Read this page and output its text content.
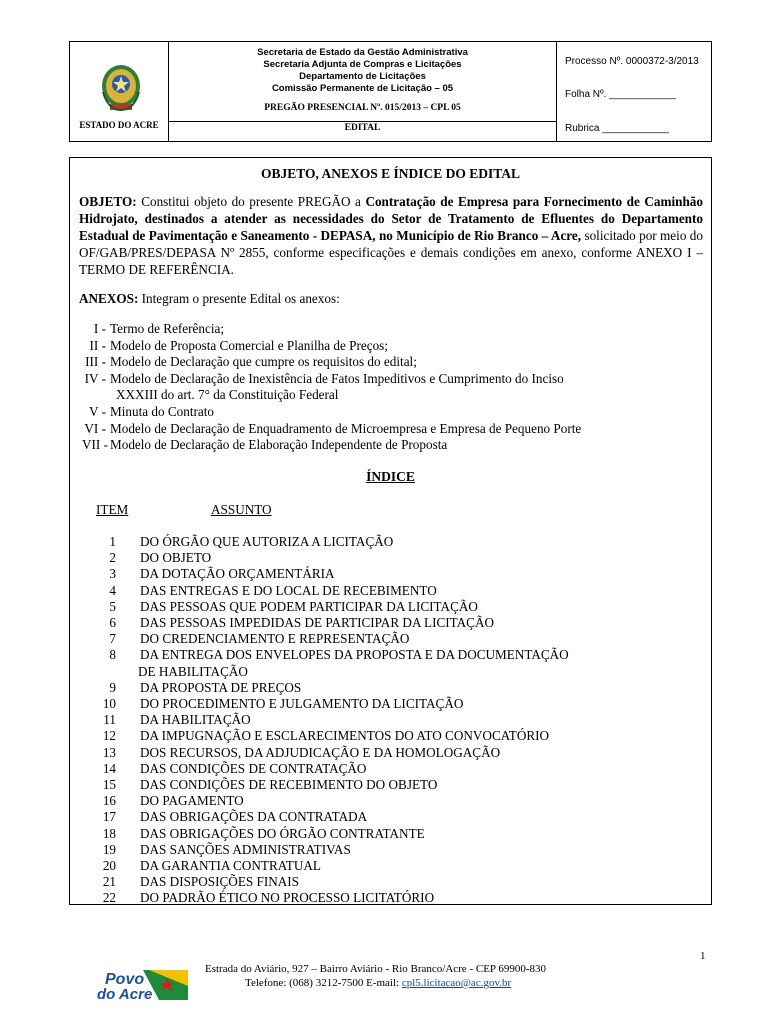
ESTADO DO ACRE
Secretaria de Estado da Gestão Administrativa
Secretaria Adjunta de Compras e Licitações
Departamento de Licitações
Comissão Permanente de Licitação – 05
PREGÃO PRESENCIAL Nº. 015/2013 – CPL 05
EDITAL
Processo Nº. 0000372-3/2013
Folha Nº. ____________
Rubrica ____________
OBJETO, ANEXOS E ÍNDICE DO EDITAL
OBJETO: Constitui objeto do presente PREGÃO a Contratação de Empresa para Fornecimento de Caminhão Hidrojato, destinados a atender as necessidades do Setor de Tratamento de Efluentes do Departamento Estadual de Pavimentação e Saneamento - DEPASA, no Município de Rio Branco – Acre, solicitado por meio do OF/GAB/PRES/DEPASA Nº 2855, conforme especificações e demais condições em anexo, conforme ANEXO I – TERMO DE REFERÊNCIA.
ANEXOS: Integram o presente Edital os anexos:
I - Termo de Referência;
II - Modelo de Proposta Comercial e Planilha de Preços;
III - Modelo de Declaração que cumpre os requisitos do edital;
IV - Modelo de Declaração de Inexistência de Fatos Impeditivos e Cumprimento do Inciso
XXXIII do art. 7° da Constituição Federal
V - Minuta do Contrato
VI - Modelo de Declaração de Enquadramento de Microempresa e Empresa de Pequeno Porte
VII - Modelo de Declaração de Elaboração Independente de Proposta
ÍNDICE
ITEM	ASSUNTO
1 DO ÓRGÃO QUE AUTORIZA A LICITAÇÃO
2 DO OBJETO
3 DA DOTAÇÃO ORÇAMENTÁRIA
4 DAS ENTREGAS E DO LOCAL DE RECEBIMENTO
5 DAS PESSOAS QUE PODEM PARTICIPAR DA LICITAÇÃO
6 DAS PESSOAS IMPEDIDAS DE PARTICIPAR DA LICITAÇÃO
7 DO CREDENCIAMENTO E REPRESENTAÇÃO
8 DA ENTREGA DOS ENVELOPES DA PROPOSTA E DA DOCUMENTAÇÃO
DE HABILITAÇÃO
9 DA PROPOSTA DE PREÇOS
10 DO PROCEDIMENTO E JULGAMENTO DA LICITAÇÃO
11 DA HABILITAÇÃO
12 DA IMPUGNAÇÃO E ESCLARECIMENTOS DO ATO CONVOCATÓRIO
13 DOS RECURSOS, DA ADJUDICAÇÃO E DA HOMOLOGAÇÃO
14 DAS CONDIÇÕES DE CONTRATAÇÃO
15 DAS CONDIÇÕES DE RECEBIMENTO DO OBJETO
16 DO PAGAMENTO
17 DAS OBRIGAÇÕES DA CONTRATADA
18 DAS OBRIGAÇÕES DO ÓRGÃO CONTRATANTE
19 DAS SANÇÕES ADMINISTRATIVAS
20 DA GARANTIA CONTRATUAL
21 DAS DISPOSIÇÕES FINAIS
22 DO PADRÃO ÉTICO NO PROCESSO LICITATÓRIO
1
Povo
do Acre
Estrada do Aviário, 927 – Bairro Aviário - Rio Branco/Acre - CEP 69900-830
Telefone: (068) 3212-7500 E-mail: cpl5.licitacao@ac.gov.br
